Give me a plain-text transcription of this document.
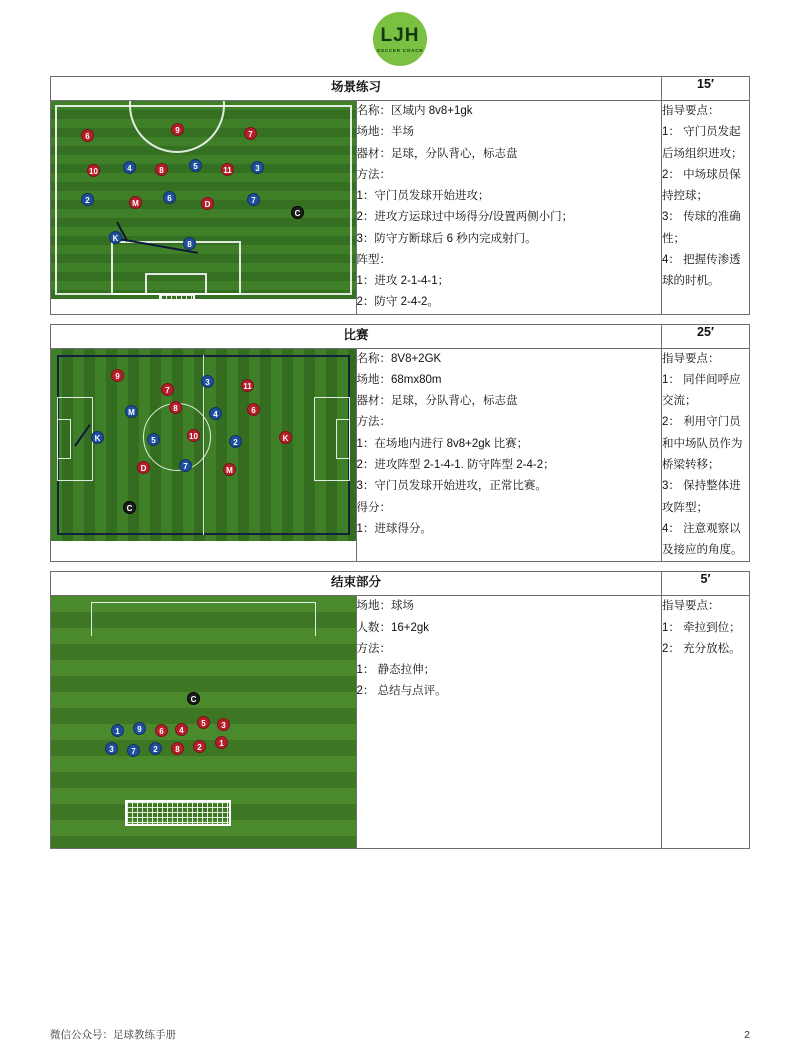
LJH
SOCCER COACH
场景练习		15′

6
9	7
10	4	8	5	11	3
2	M
6
D	7
K
8
C

名称：区域内 8v8+1gk
场地：半场
器材：足球，分队背心，标志盘
方法：
1：守门员发球开始进攻；
2：进攻方运球过中场得分/设置两侧小门；
3：防守方断球后 6 秒内完成射门。
阵型：
1：进攻 2-1-4-1；
2：防守 2-4-2。

指导要点：
1： 守门员发起后场组织进攻；
2： 中场球员保持控球；
3： 传球的准确性；
4： 把握传渗透球的时机。
比赛		25′

9
7
3	11
M	8
4	6
K	5	10
2	K
D	7	M
C

名称：8V8+2GK
场地：68mx80m
器材：足球，分队背心，标志盘
方法：
1：在场地内进行 8v8+2gk 比赛；
2：进攻阵型 2-1-4-1. 防守阵型 2-4-2；
3：守门员发球开始进攻，正常比赛。
得分：
1：进球得分。

指导要点：
1： 同伴间呼应交流；
2： 利用守门员和中场队员作为桥梁转移；
3： 保持整体进攻阵型；
4： 注意观察以及接应的角度。
结束部分		5′

C
1	9	6	4
5	3
3	7	2	8	2	1

场地：球场
人数：16+2gk
方法：
1： 静态拉伸；
2： 总结与点评。

指导要点：
1： 牵拉到位；
2： 充分放松。
微信公众号：足球教练手册	2
